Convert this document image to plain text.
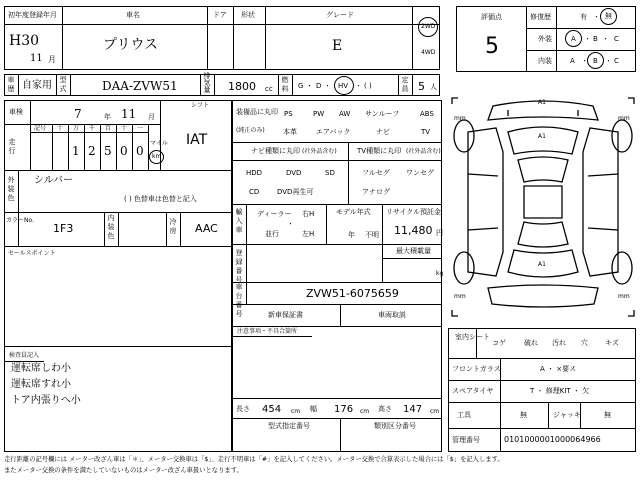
初年度登録年月
H30
11 月
車名
プリウス
ドア 形状	グレード
E
2WD
4WD
車歴 自家用 型式	DAA-ZVW51
排気量 1800 cc
燃料 G ・ D ・ HV ・ ( )
定員 5 人
車検	7	年 11 月
シフト
IAT
走行
記号 十 万 千 百 十 一
1 2 5 0 0
マイル
km
外装色
シルバー
( ) 色替車は色替と記入
カラーNo.
1F3
内装色
冷房 AAC
セールスポイント
検査員記入
運転席しわ小
運転席すれ小
トア内張りへ小
装備品に丸印
(純正のみ)
PS	PW AW サンルーフ	ABS
本革	エアバック	ナビ	TV
ナビ種類に丸印 (社外品含む)
HDD	DVD	SD
CD	DVD再生可
TV種類に丸印 (社外品含む)
フルセグ ワンセグ
アナログ
輸入車
ディーラー
・
並行
右H
左H
モデル年式
年 不明
リサイクル預託金
11,480 円
登録番号
最大積載量
kg
車台番号
ZVW51-6075659
新車保証書	車両取説
注意事項・不具合箇所
評価点
5
修復歴	有 ・ 無
外装	A ・ B ・ C
内装	A ・ B ・ C
A1
A1
A1
mm	mm
mm	mm
室内シート
コゲ	破れ 汚れ 穴 キズ
フロントガラス	A ・ ×要ス
スペアタイヤ	T ・ 修理KIT ・ 欠
工具	無	ジャッキ	無
管理番号	0101000001000064966
長さ 454 cm 幅 176 cm 高さ 147 cm
型式指定番号	類別区分番号
走行距離の記号欄には メーター改ざん車は「＊」、メーター交換車は「$」、走行不明車は「#」を記入してください。メーター交換で合算表示した場合には「$」を記入します。
またメーター交換の条件を満たしていないものはメーター改ざん車扱いとなります。
